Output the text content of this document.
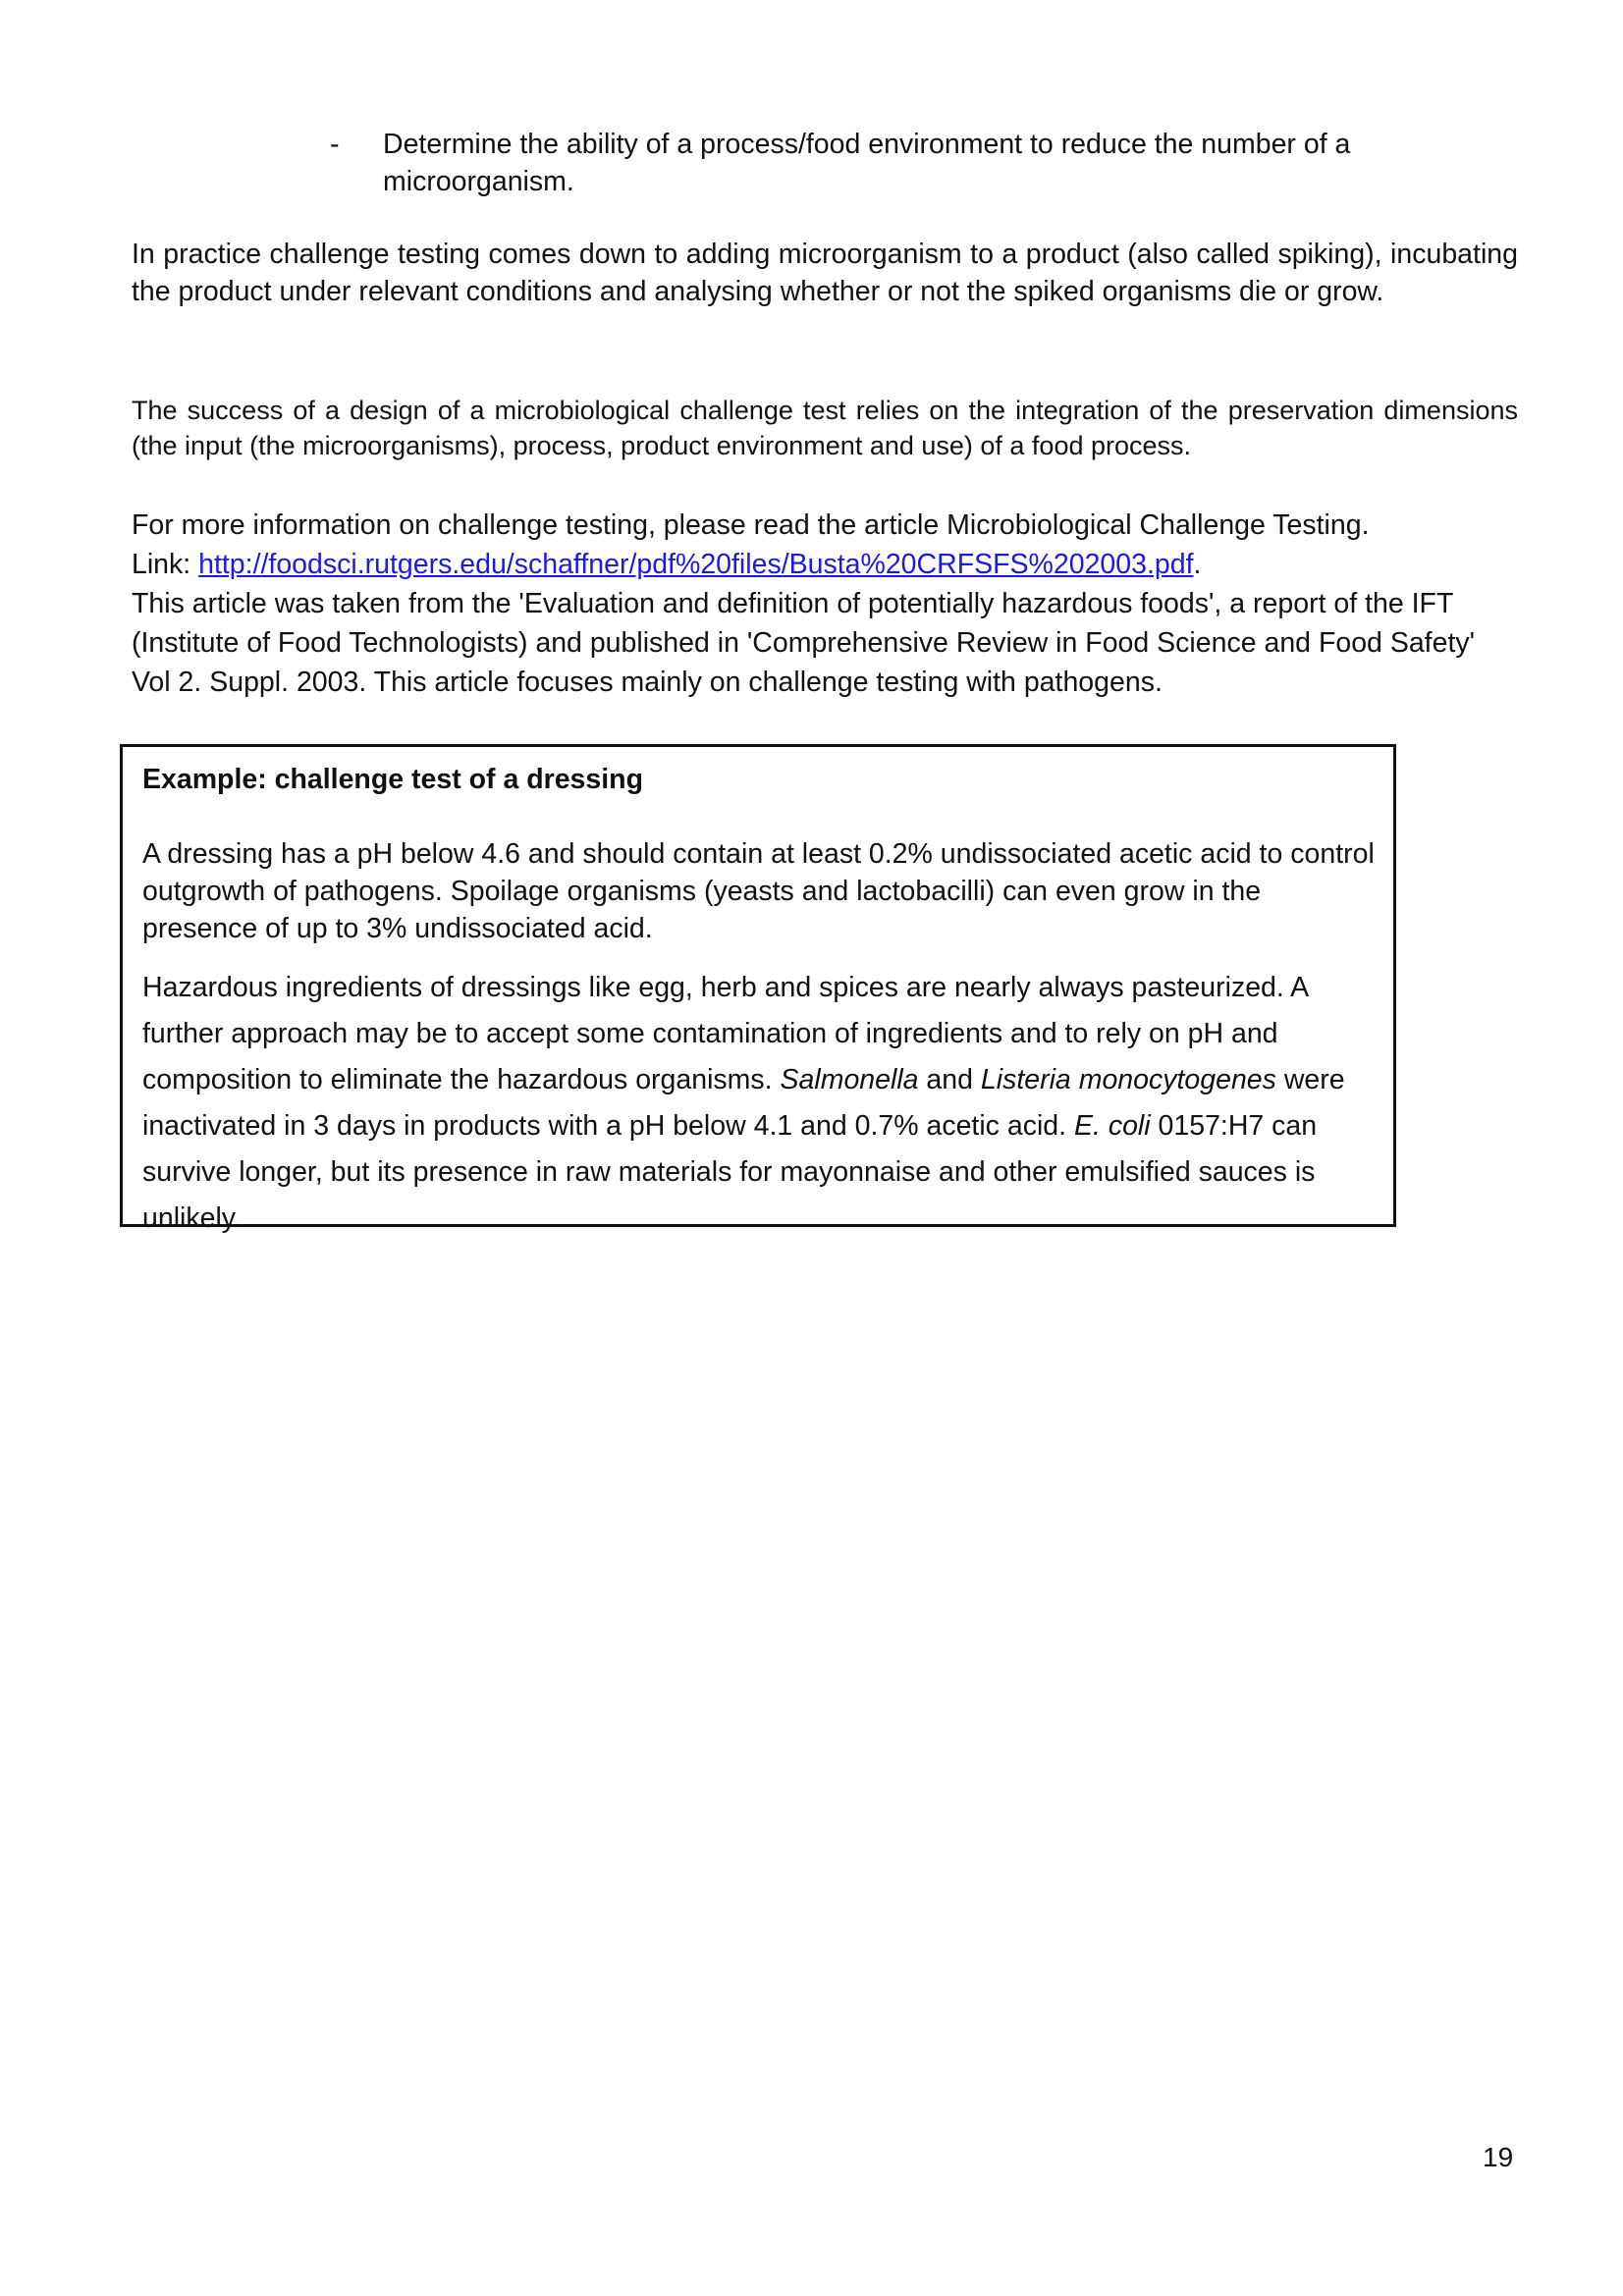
- Determine the ability of a process/food environment to reduce the number of a microorganism.
In practice challenge testing comes down to adding microorganism to a product (also called spiking), incubating the product under relevant conditions and analysing whether or not the spiked organisms die or grow.
The success of a design of a microbiological challenge test relies on the integration of the preservation dimensions (the input (the microorganisms), process, product environment and use) of a food process.
For more information on challenge testing, please read the article Microbiological Challenge Testing.
Link: http://foodsci.rutgers.edu/schaffner/pdf%20files/Busta%20CRFSFS%202003.pdf.
This article was taken from the 'Evaluation and definition of potentially hazardous foods', a report of the IFT (Institute of Food Technologists) and published in 'Comprehensive Review in Food Science and Food Safety' Vol 2. Suppl. 2003. This article focuses mainly on challenge testing with pathogens.
Example: challenge test of a dressing
A dressing has a pH below 4.6 and should contain at least 0.2% undissociated acetic acid to control outgrowth of pathogens. Spoilage organisms (yeasts and lactobacilli) can even grow in the presence of up to 3% undissociated acid.
Hazardous ingredients of dressings like egg, herb and spices are nearly always pasteurized. A further approach may be to accept some contamination of ingredients and to rely on pH and composition to eliminate the hazardous organisms. Salmonella and Listeria monocytogenes were inactivated in 3 days in products with a pH below 4.1 and 0.7% acetic acid. E. coli 0157:H7 can survive longer, but its presence in raw materials for mayonnaise and other emulsified sauces is unlikely.
19
